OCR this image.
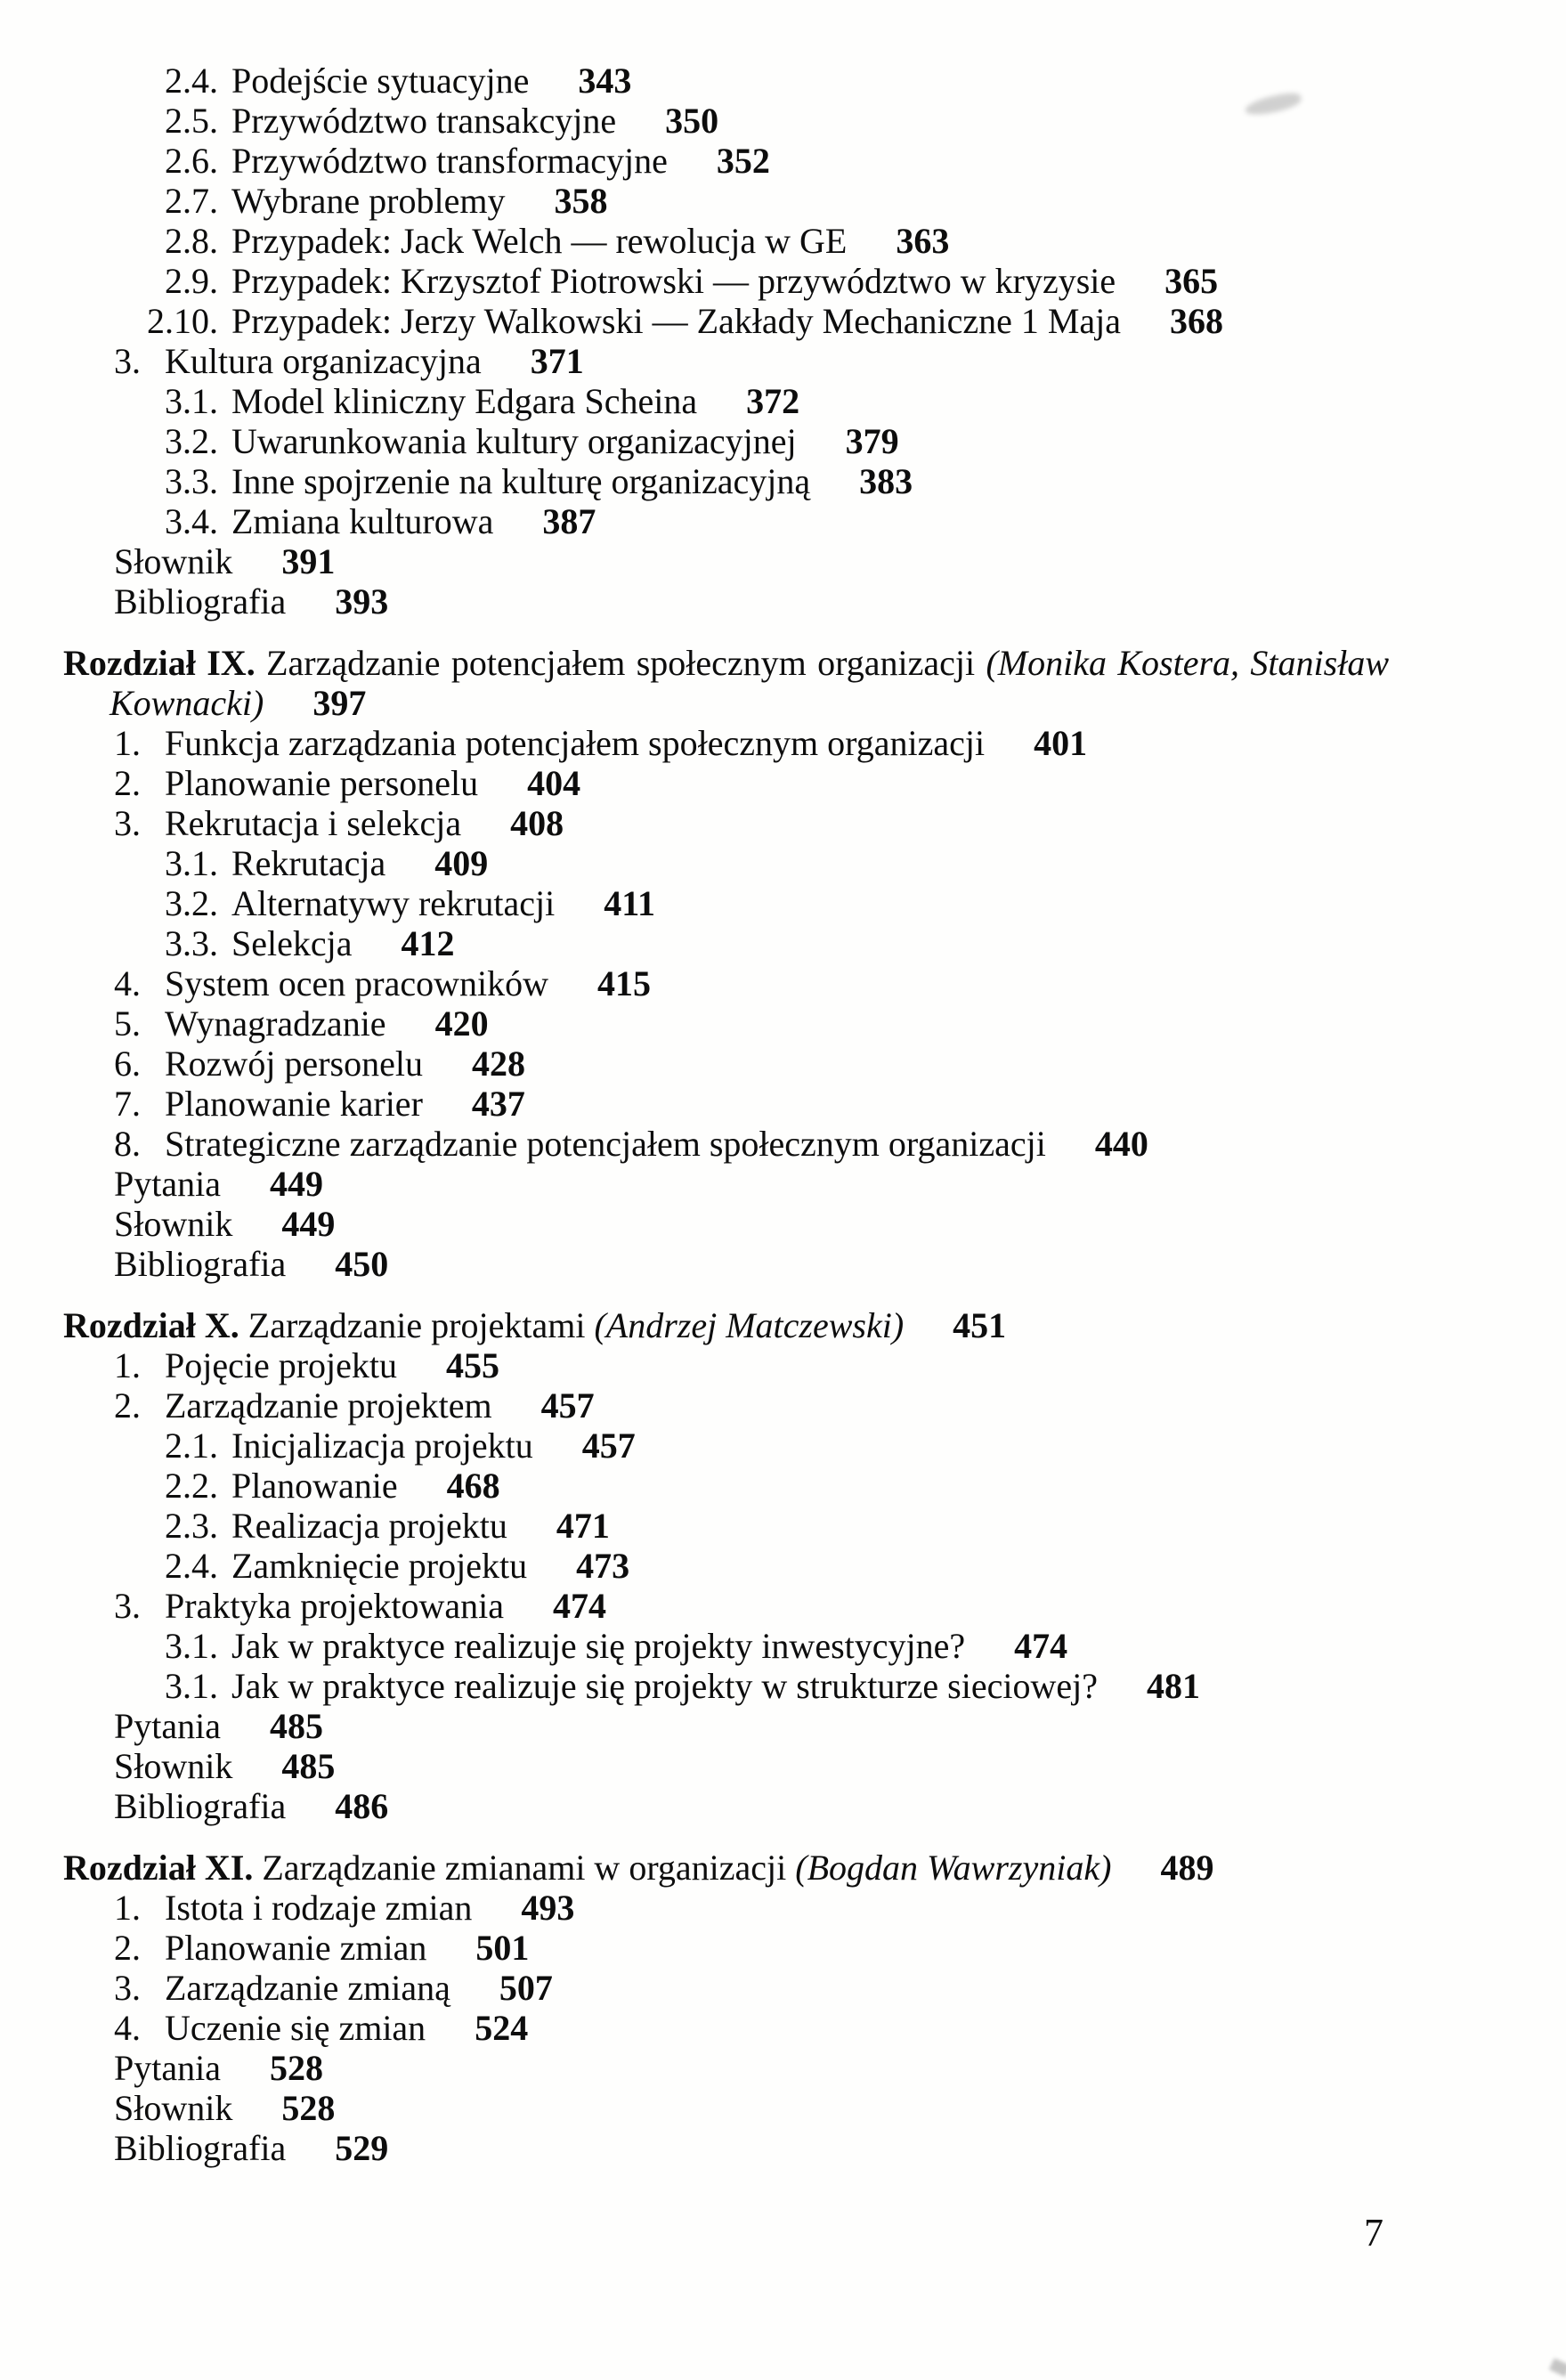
2.4. Podejście sytuacyjne 343
2.5. Przywództwo transakcyjne 350
2.6. Przywództwo transformacyjne 352
2.7. Wybrane problemy 358
2.8. Przypadek: Jack Welch — rewolucja w GE 363
2.9. Przypadek: Krzysztof Piotrowski — przywództwo w kryzysie 365
2.10. Przypadek: Jerzy Walkowski — Zakłady Mechaniczne 1 Maja 368
3. Kultura organizacyjna 371
3.1. Model kliniczny Edgara Scheina 372
3.2. Uwarunkowania kultury organizacyjnej 379
3.3. Inne spojrzenie na kulturę organizacyjną 383
3.4. Zmiana kulturowa 387
Słownik 391
Bibliografia 393
Rozdział IX. Zarządzanie potencjałem społecznym organizacji (Monika Kostera, Stanisław
Kownacki) 397
1. Funkcja zarządzania potencjałem społecznym organizacji 401
2. Planowanie personelu 404
3. Rekrutacja i selekcja 408
3.1. Rekrutacja 409
3.2. Alternatywy rekrutacji 411
3.3. Selekcja 412
4. System ocen pracowników 415
5. Wynagradzanie 420
6. Rozwój personelu 428
7. Planowanie karier 437
8. Strategiczne zarządzanie potencjałem społecznym organizacji 440
Pytania 449
Słownik 449
Bibliografia 450
Rozdział X. Zarządzanie projektami (Andrzej Matczewski) 451
1. Pojęcie projektu 455
2. Zarządzanie projektem 457
2.1. Inicjalizacja projektu 457
2.2. Planowanie 468
2.3. Realizacja projektu 471
2.4. Zamknięcie projektu 473
3. Praktyka projektowania 474
3.1. Jak w praktyce realizuje się projekty inwestycyjne? 474
3.1. Jak w praktyce realizuje się projekty w strukturze sieciowej? 481
Pytania 485
Słownik 485
Bibliografia 486
Rozdział XI. Zarządzanie zmianami w organizacji (Bogdan Wawrzyniak) 489
1. Istota i rodzaje zmian 493
2. Planowanie zmian 501
3. Zarządzanie zmianą 507
4. Uczenie się zmian 524
Pytania 528
Słownik 528
Bibliografia 529
7
